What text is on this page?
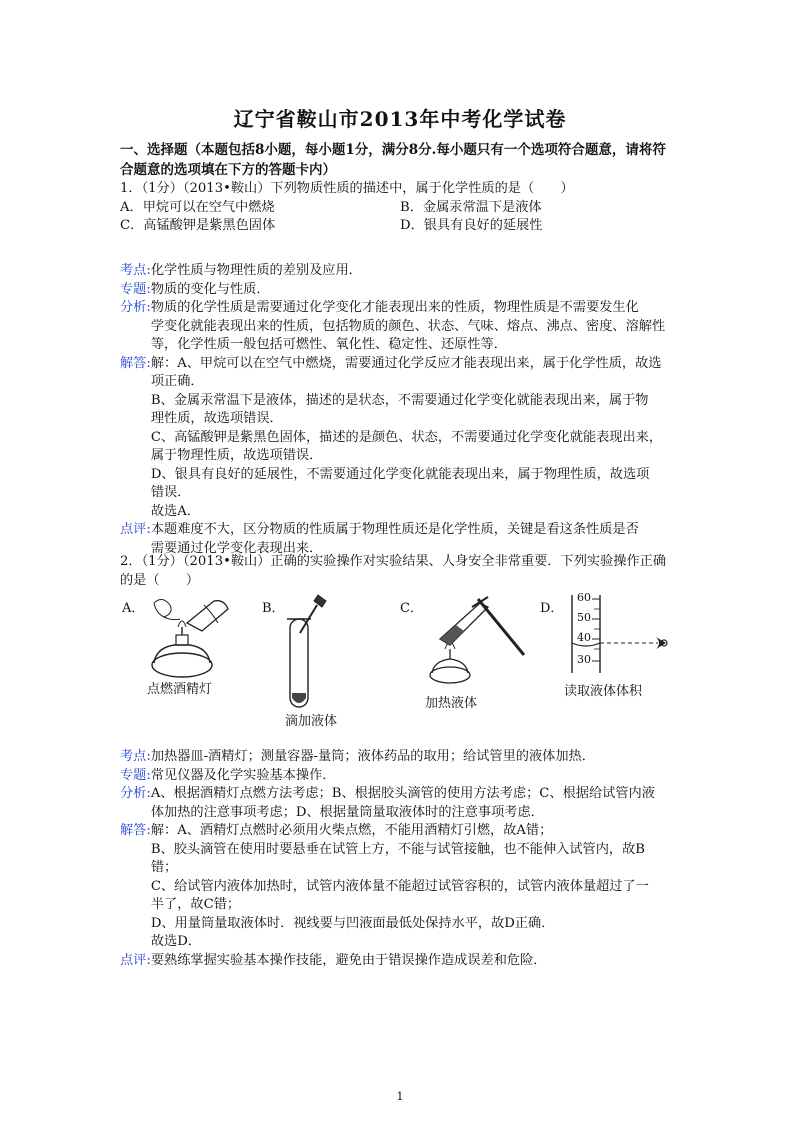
辽宁省鞍山市2013年中考化学试卷
一、选择题（本题包括8小题，每小题1分，满分8分.每小题只有一个选项符合题意，请将符
合题意的选项填在下方的答题卡内）
1．（1分）（2013•鞍山）下列物质性质的描述中，属于化学性质的是（　　）
A．甲烷可以在空气中燃烧	B．金属汞常温下是液体
C．高锰酸钾是紫黑色固体	D．银具有良好的延展性
考点: 化学性质与物理性质的差别及应用．
专题: 物质的变化与性质．
分析: 物质的化学性质是需要通过化学变化才能表现出来的性质，物理性质是不需要发生化
学变化就能表现出来的性质，包括物质的颜色、状态、气味、熔点、沸点、密度、溶解性
等，化学性质一般包括可燃性、氧化性、稳定性、还原性等．
解答: 解：A、甲烷可以在空气中燃烧，需要通过化学反应才能表现出来，属于化学性质，故选
项正确．
B、金属汞常温下是液体，描述的是状态，不需要通过化学变化就能表现出来，属于物
理性质，故选项错误．
C、高锰酸钾是紫黑色固体，描述的是颜色、状态，不需要通过化学变化就能表现出来，
属于物理性质，故选项错误．
D、银具有良好的延展性，不需要通过化学变化就能表现出来，属于物理性质，故选项
错误．
故选A．
点评: 本题难度不大，区分物质的性质属于物理性质还是化学性质，关键是看这条性质是否
需要通过化学变化表现出来．
2．（1分）（2013•鞍山）正确的实验操作对实验结果、人身安全非常重要．下列实验操作正确
的是（　　）
A．	B．	C．	D．
点燃酒精灯
滴加液体
加热液体
60
50
40
30
读取液体体积
考点: 加热器皿-酒精灯；测量容器-量筒；液体药品的取用；给试管里的液体加热．
专题: 常见仪器及化学实验基本操作．
分析: A、根据酒精灯点燃方法考虑；B、根据胶头滴管的使用方法考虑；C、根据给试管内液
体加热的注意事项考虑；D、根据量筒量取液体时的注意事项考虑．
解答: 解：A、酒精灯点燃时必须用火柴点燃，不能用酒精灯引燃，故A错；
B、胶头滴管在使用时要悬垂在试管上方，不能与试管接触，也不能伸入试管内，故B
错；
C、给试管内液体加热时，试管内液体量不能超过试管容积的，试管内液体量超过了一
半了，故C错；
D、用量筒量取液体时．视线要与凹液面最低处保持水平，故D正确．
故选D．
点评: 要熟练掌握实验基本操作技能，避免由于错误操作造成误差和危险．
1
